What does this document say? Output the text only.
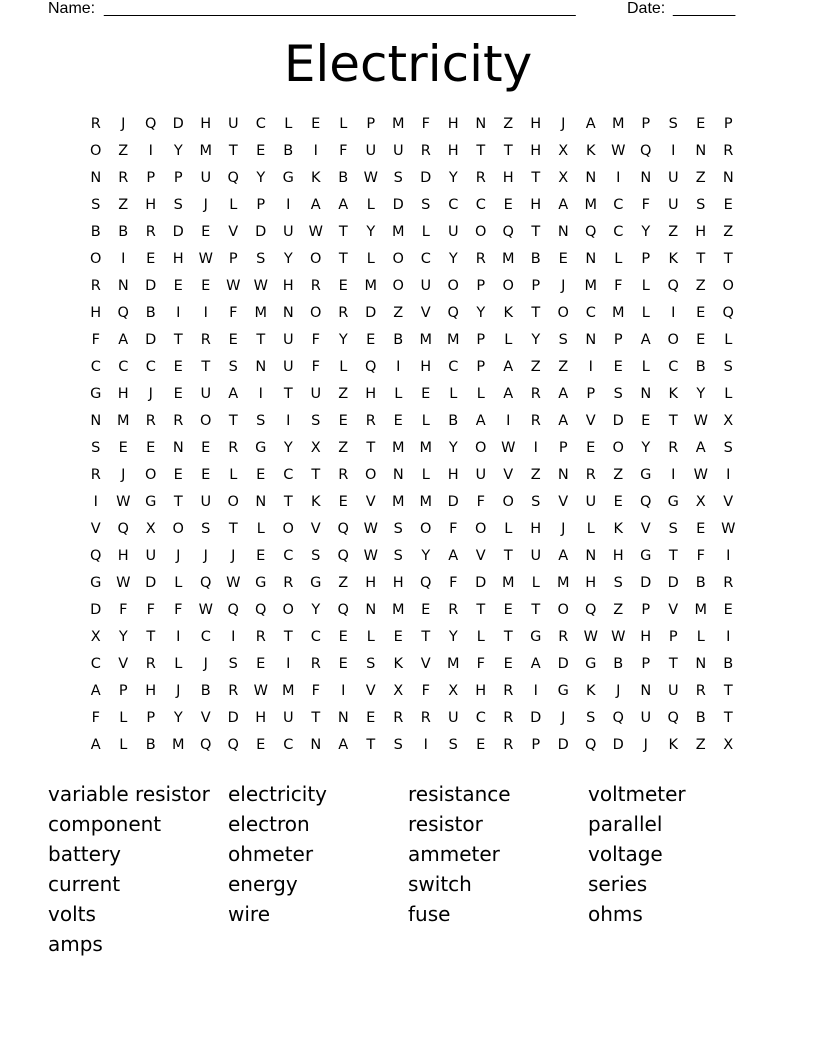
Name: _____________________________________________________	Date: _______
Electricity
R	J	Q	D	H	U	C	L	E	L	P	M	F	H	N	Z	H	J	A	M	P	S	E	P
O	Z	I	Y	M	T	E	B	I	F	U	U	R	H	T	T	H	X	K	W	Q	I	N	R
N	R	P	P	U	Q	Y	G	K	B	W	S	D	Y	R	H	T	X	N	I	N	U	Z	N
S	Z	H	S	J	L	P	I	A	A	L	D	S	C	C	E	H	A	M	C	F	U	S	E
B	B	R	D	E	V	D	U	W	T	Y	M	L	U	O	Q	T	N	Q	C	Y	Z	H	Z
O	I	E	H	W	P	S	Y	O	T	L	O	C	Y	R	M	B	E	N	L	P	K	T	T
R	N	D	E	E	W W	H	R	E	M	O	U	O	P	O	P	J	M	F	L	Q	Z	O
H	Q	B	I	I	F	M	N	O	R	D	Z	V	Q	Y	K	T	O	C	M	L	I	E	Q
F	A	D	T	R	E	T	U	F	Y	E	B	M	M	P	L	Y	S	N	P	A	O	E	L
C	C	C	E	T	S	N	U	F	L	Q	I	H	C	P	A	Z	Z	I	E	L	C	B	S
G	H	J	E	U	A	I	T	U	Z	H	L	E	L	L	A	R	A	P	S	N	K	Y	L
N	M	R	R	O	T	S	I	S	E	R	E	L	B	A	I	R	A	V	D	E	T	W	X
S	E	E	N	E	R	G	Y	X	Z	T	M	M	Y	O	W	I	P	E	O	Y	R	A	S
R	J	O	E	E	L	E	C	T	R	O	N	L	H	U	V	Z	N	R	Z	G	I	W	I
I	W	G	T	U	O	N	T	K	E	V	M	M	D	F	O	S	V	U	E	Q	G	X	V
V	Q	X	O	S	T	L	O	V	Q	W	S	O	F	O	L	H	J	L	K	V	S	E	W
Q	H	U	J	J	J	E	C	S	Q	W	S	Y	A	V	T	U	A	N	H	G	T	F	I
G	W	D	L	Q	W	G	R	G	Z	H	H	Q	F	D	M	L	M	H	S	D	D	B	R
D	F	F	F	W	Q	Q	O	Y	Q	N	M	E	R	T	E	T	O	Q	Z	P	V	M	E
X	Y	T	I	C	I	R	T	C	E	L	E	T	Y	L	T	G	R	W W	H	P	L	I
C	V	R	L	J	S	E	I	R	E	S	K	V	M	F	E	A	D	G	B	P	T	N	B
A	P	H	J	B	R	W M	F	I	V	X	F	X	H	R	I	G	K	J	N	U	R	T
F	L	P	Y	V	D	H	U	T	N	E	R	R	U	C	R	D	J	S	Q	U	Q	B	T
A	L	B	M	Q	Q	E	C	N	A	T	S	I	S	E	R	P	D	Q	D	J	K	Z	X
variable resistor
component
battery
current
volts
amps
electricity
electron
ohmeter
energy
wire
resistance
resistor
ammeter
switch
fuse
voltmeter
parallel
voltage
series
ohms
